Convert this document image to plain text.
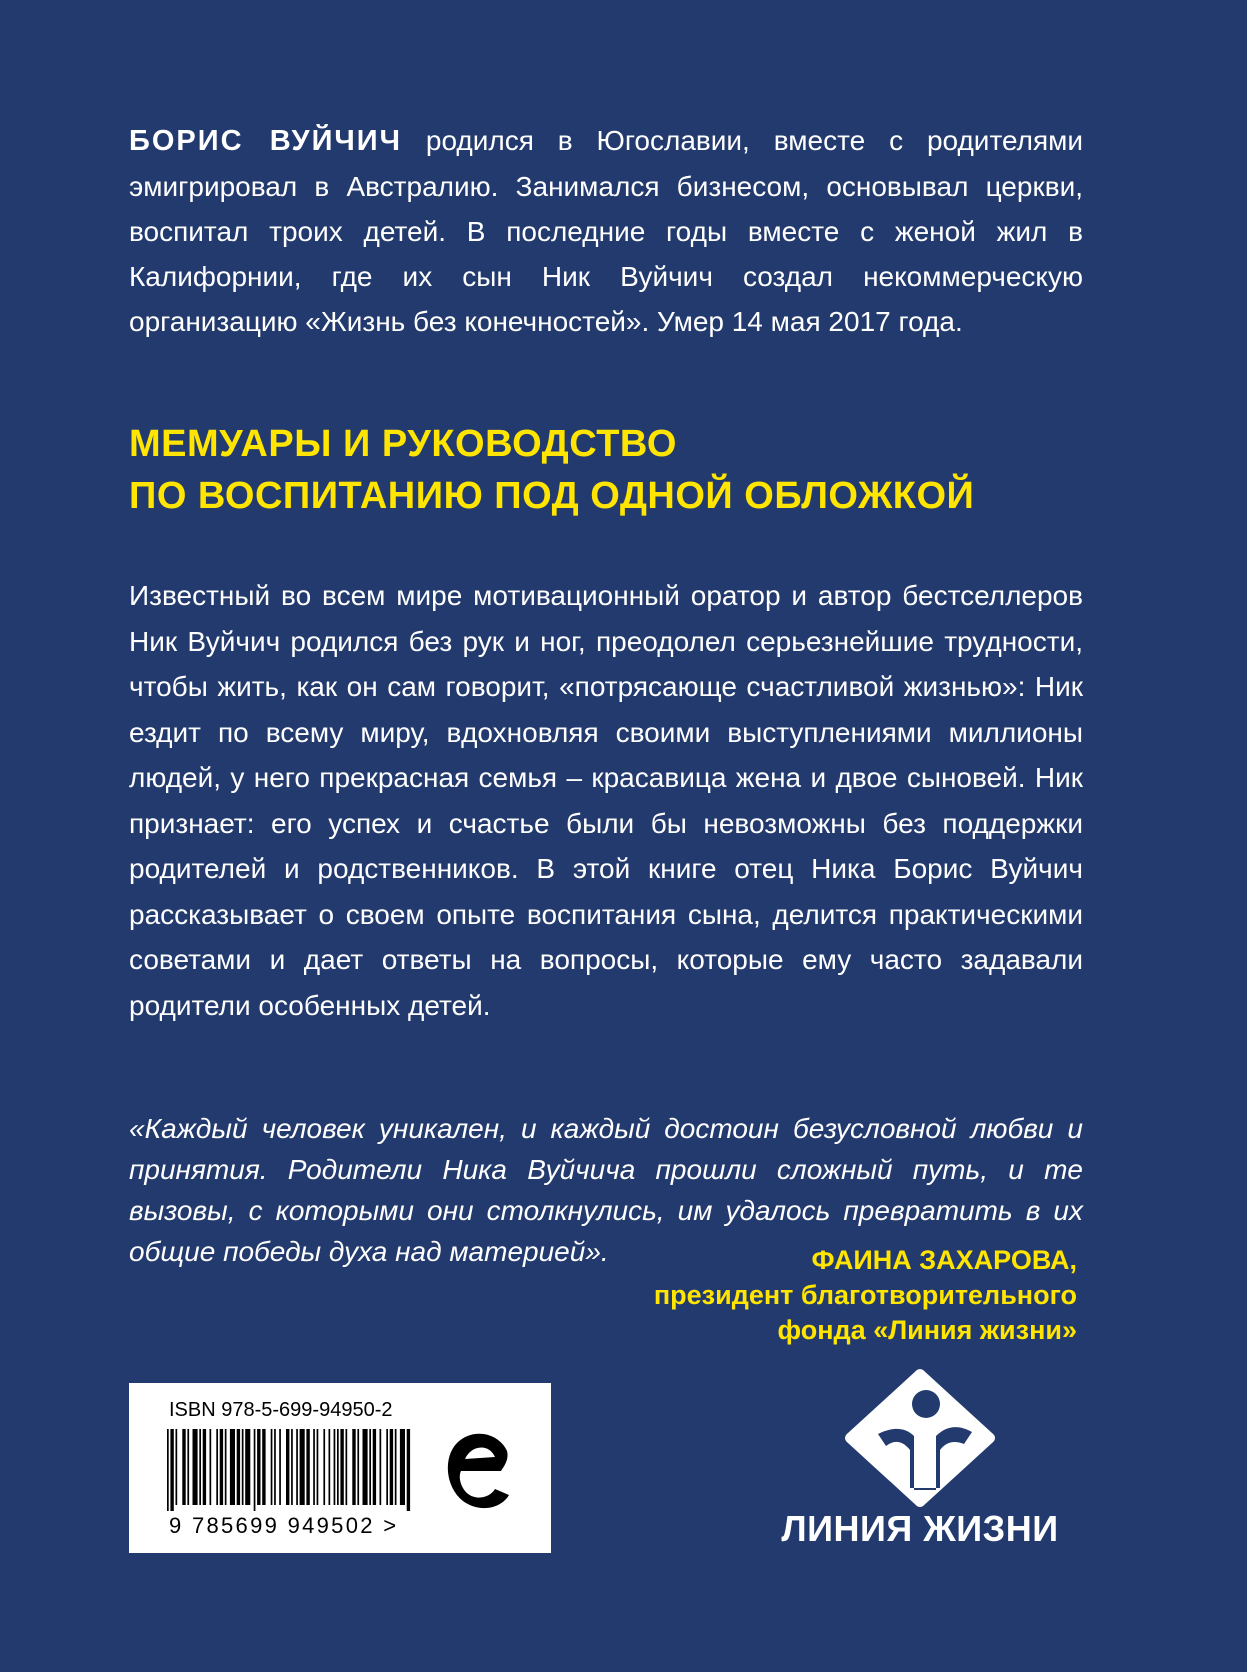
БОРИС ВУЙЧИЧ родился в Югославии, вместе с родителями эмигрировал в Австралию. Занимался бизнесом, основывал церкви, воспитал троих детей. В последние годы вместе с женой жил в Калифорнии, где их сын Ник Вуйчич создал некоммерческую организацию «Жизнь без конечностей». Умер 14 мая 2017 года.
МЕМУАРЫ И РУКОВОДСТВО
ПО ВОСПИТАНИЮ ПОД ОДНОЙ ОБЛОЖКОЙ
Известный во всем мире мотивационный оратор и автор бестселлеров Ник Вуйчич родился без рук и ног, преодолел серьезнейшие трудности, чтобы жить, как он сам говорит, «потрясающе счастливой жизнью»: Ник ездит по всему миру, вдохновляя своими выступлениями миллионы людей, у него прекрасная семья – красавица жена и двое сыновей. Ник признает: его успех и счастье были бы невозможны без поддержки родителей и родственников. В этой книге отец Ника Борис Вуйчич рассказывает о своем опыте воспитания сына, делится практическими советами и дает ответы на вопросы, которые ему часто задавали родители особенных детей.
«Каждый человек уникален, и каждый достоин безусловной любви и принятия. Родители Ника Вуйчича прошли сложный путь, и те вызовы, с которыми они столкнулись, им удалось превратить в их общие победы духа над материей».	ФАИНА ЗАХАРОВА,
президент благотворительного
фонда «Линия жизни»
ISBN 978-5-699-94950-2
9 785699 949502 >	ЛИНИЯ ЖИЗНИ
